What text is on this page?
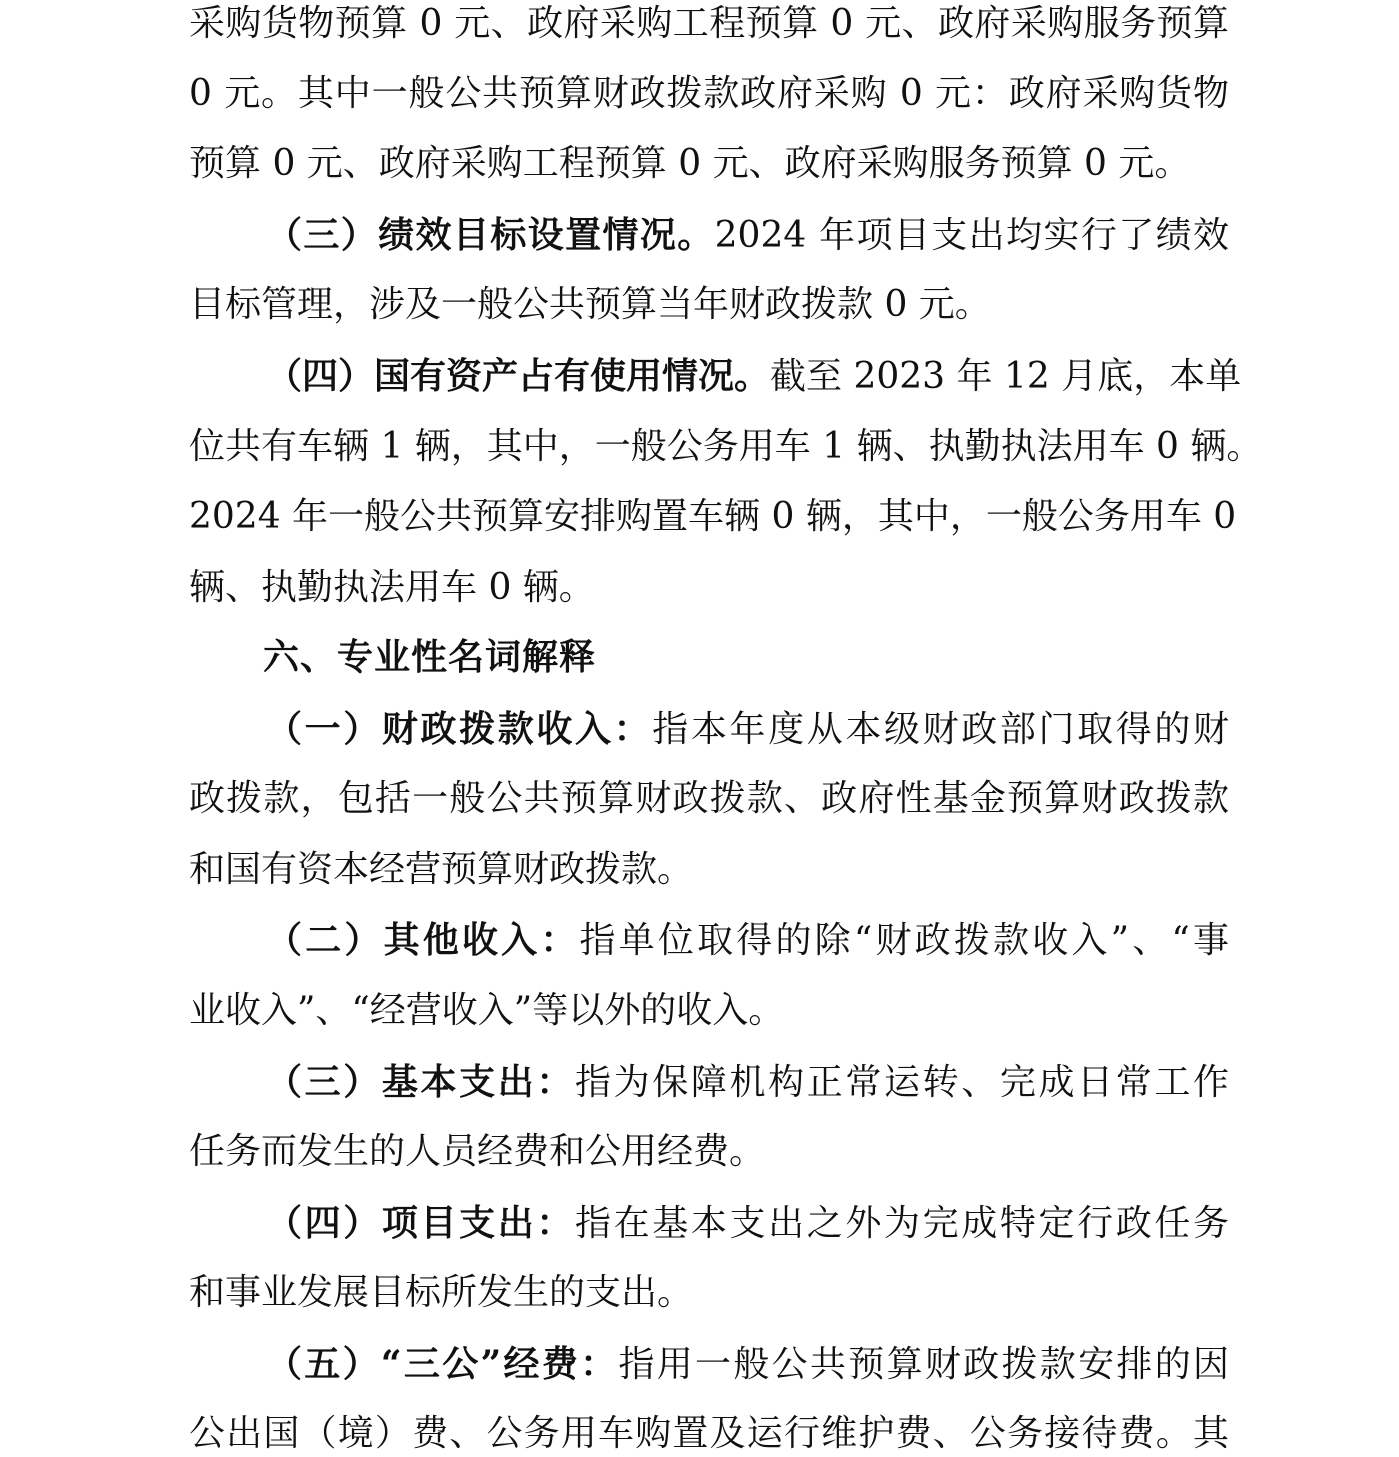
采购货物预算 0 元、政府采购工程预算 0 元、政府采购服务预算
0 元。其中一般公共预算财政拨款政府采购 0 元：政府采购货物
预算 0 元、政府采购工程预算 0 元、政府采购服务预算 0 元。
（三）绩效目标设置情况。2024 年项目支出均实行了绩效
目标管理，涉及一般公共预算当年财政拨款 0 元。
（四）国有资产占有使用情况。截至 2023 年 12 月底，本单
位共有车辆 1 辆，其中，一般公务用车 1 辆、执勤执法用车 0 辆。
2024 年一般公共预算安排购置车辆 0 辆，其中，一般公务用车 0
辆、执勤执法用车 0 辆。
六、专业性名词解释
（一）财政拨款收入：指本年度从本级财政部门取得的财
政拨款，包括一般公共预算财政拨款、政府性基金预算财政拨款
和国有资本经营预算财政拨款。
（二）其他收入：指单位取得的除“财政拨款收入”、“事
业收入”、“经营收入”等以外的收入。
（三）基本支出：指为保障机构正常运转、完成日常工作
任务而发生的人员经费和公用经费。
（四）项目支出：指在基本支出之外为完成特定行政任务
和事业发展目标所发生的支出。
（五）“三公”经费：指用一般公共预算财政拨款安排的因
公出国（境）费、公务用车购置及运行维护费、公务接待费。其
